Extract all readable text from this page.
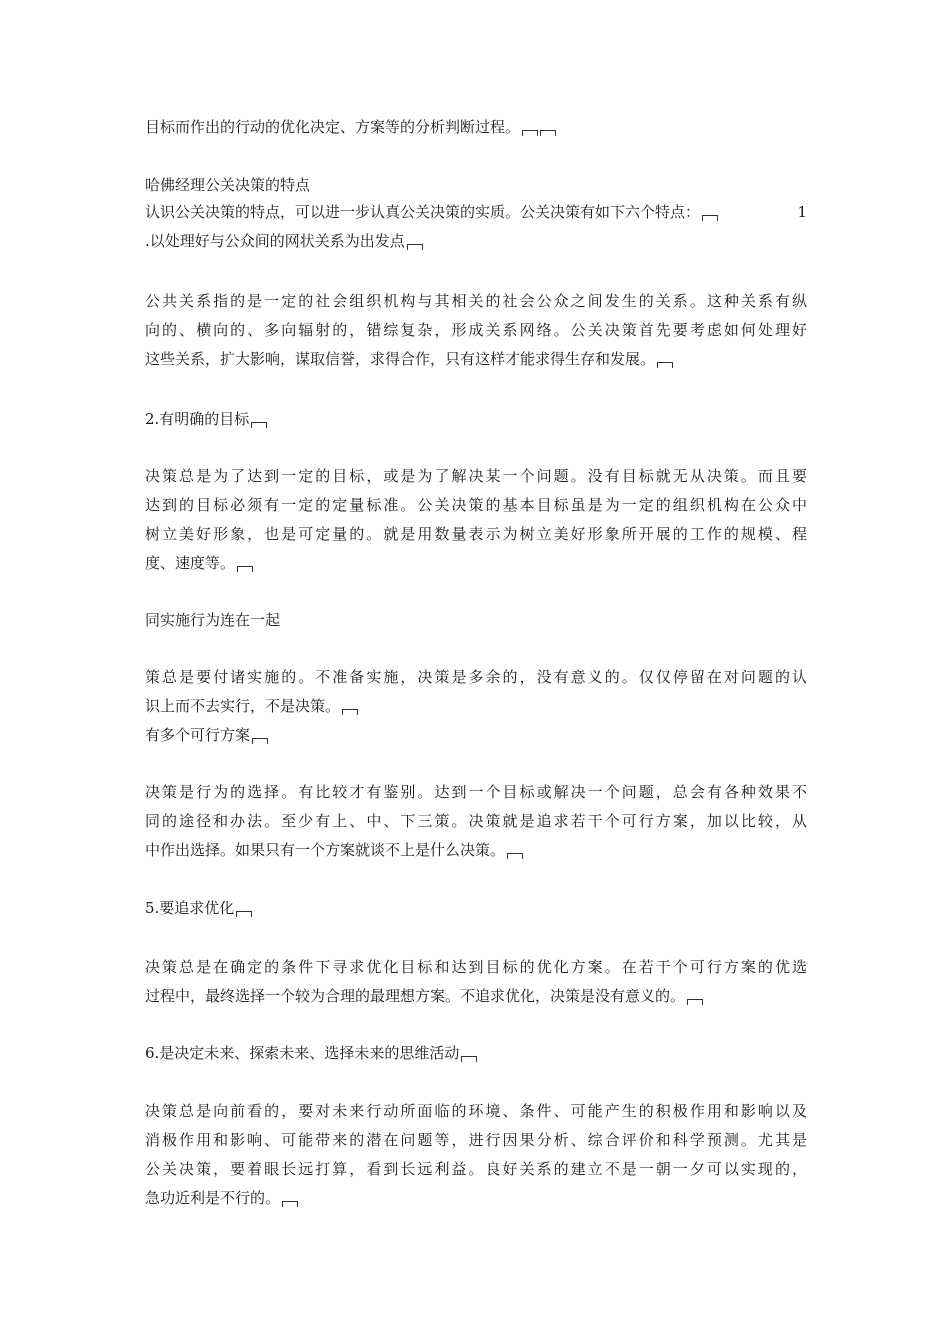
目标而作出的行动的优化决定、方案等的分析判断过程。
哈佛经理公关决策的特点
认识公关决策的特点，可以进一步认真公关决策的实质。公关决策有如下六个特点：	1
.以处理好与公众间的网状关系为出发点
公共关系指的是一定的社会组织机构与其相关的社会公众之间发生的关系。这种关系有纵
向的、横向的、多向辐射的，错综复杂，形成关系网络。公关决策首先要考虑如何处理好
这些关系，扩大影响，谋取信誉，求得合作，只有这样才能求得生存和发展。
2.有明确的目标
决策总是为了达到一定的目标，或是为了解决某一个问题。没有目标就无从决策。而且要
达到的目标必须有一定的定量标准。公关决策的基本目标虽是为一定的组织机构在公众中
树立美好形象，也是可定量的。就是用数量表示为树立美好形象所开展的工作的规模、程
度、速度等。
同实施行为连在一起
策总是要付诸实施的。不准备实施，决策是多余的，没有意义的。仅仅停留在对问题的认
识上而不去实行，不是决策。
有多个可行方案
决策是行为的选择。有比较才有鉴别。达到一个目标或解决一个问题，总会有各种效果不
同的途径和办法。至少有上、中、下三策。决策就是追求若干个可行方案，加以比较，从
中作出选择。如果只有一个方案就谈不上是什么决策。
5.要追求优化
决策总是在确定的条件下寻求优化目标和达到目标的优化方案。在若干个可行方案的优选
过程中，最终选择一个较为合理的最理想方案。不追求优化，决策是没有意义的。
6.是决定未来、探索未来、选择未来的思维活动
决策总是向前看的，要对未来行动所面临的环境、条件、可能产生的积极作用和影响以及
消极作用和影响、可能带来的潜在问题等，进行因果分析、综合评价和科学预测。尤其是
公关决策，要着眼长远打算，看到长远利益。良好关系的建立不是一朝一夕可以实现的，
急功近利是不行的。
